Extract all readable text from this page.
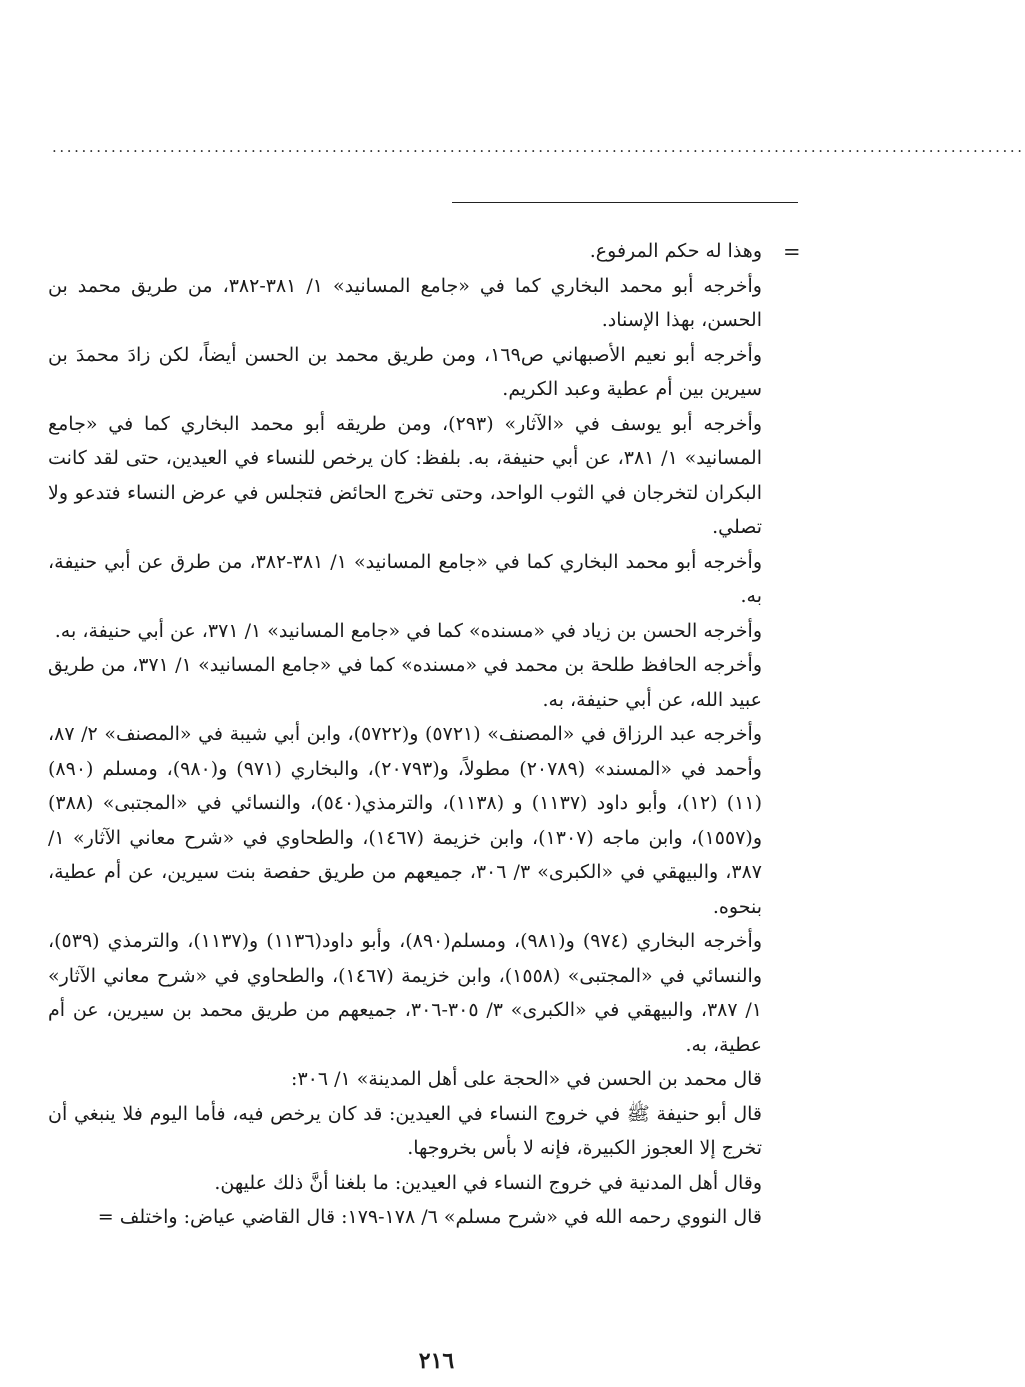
....................................................................................................................................
=

وهذا له حكم المرفوع.

وأخرجه أبو محمد البخاري كما في «جامع المسانيد» ١/ ٣٨١-٣٨٢، من طريق محمد بن الحسن، بهذا الإسناد.

وأخرجه أبو نعيم الأصبهاني ص١٦٩، ومن طريق محمد بن الحسن أيضاً، لكن زادَ محمدَ بن سيرين بين أم عطية وعبد الكريم.

وأخرجه أبو يوسف في «الآثار» (٢٩٣)، ومن طريقه أبو محمد البخاري كما في «جامع المسانيد» ١/ ٣٨١، عن أبي حنيفة، به. بلفظ: كان يرخص للنساء في العيدين، حتى لقد كانت البكران لتخرجان في الثوب الواحد، وحتى تخرج الحائض فتجلس في عرض النساء فتدعو ولا تصلي.

وأخرجه أبو محمد البخاري كما في «جامع المسانيد» ١/ ٣٨١-٣٨٢، من طرق عن أبي حنيفة، به.

وأخرجه الحسن بن زياد في «مسنده» كما في «جامع المسانيد» ١/ ٣٧١، عن أبي حنيفة، به.

وأخرجه الحافظ طلحة بن محمد في «مسنده» كما في «جامع المسانيد» ١/ ٣٧١، من طريق عبيد الله، عن أبي حنيفة، به.

وأخرجه عبد الرزاق في «المصنف» (٥٧٢١) و(٥٧٢٢)، وابن أبي شيبة في «المصنف» ٢/ ٨٧، وأحمد في «المسند» (٢٠٧٨٩) مطولاً، و(٢٠٧٩٣)، والبخاري (٩٧١) و(٩٨٠)، ومسلم (٨٩٠) (١١) (١٢)، وأبو داود (١١٣٧) و (١١٣٨)، والترمذي(٥٤٠)، والنسائي في «المجتبى» (٣٨٨) و(١٥٥٧)، وابن ماجه (١٣٠٧)، وابن خزيمة (١٤٦٧)، والطحاوي في «شرح معاني الآثار» ١/ ٣٨٧، والبيهقي في «الكبرى» ٣/ ٣٠٦، جميعهم من طريق حفصة بنت سيرين، عن أم عطية، بنحوه.

وأخرجه البخاري (٩٧٤) و(٩٨١)، ومسلم(٨٩٠)، وأبو داود(١١٣٦) و(١١٣٧)، والترمذي (٥٣٩)، والنسائي في «المجتبى» (١٥٥٨)، وابن خزيمة (١٤٦٧)، والطحاوي في «شرح معاني الآثار» ١/ ٣٨٧، والبيهقي في «الكبرى» ٣/ ٣٠٥-٣٠٦، جميعهم من طريق محمد بن سيرين، عن أم عطية، به.

قال محمد بن الحسن في «الحجة على أهل المدينة» ١/ ٣٠٦:

قال أبو حنيفة ﷺ في خروج النساء في العيدين: قد كان يرخص فيه، فأما اليوم فلا ينبغي أن تخرج إلا العجوز الكبيرة، فإنه لا بأس بخروجها.

وقال أهل المدنية في خروج النساء في العيدين: ما بلغنا أنَّ ذلك عليهن.

قال النووي رحمه الله في «شرح مسلم» ٦/ ١٧٨-١٧٩: قال القاضي عياض: واختلف =

٢١٦
